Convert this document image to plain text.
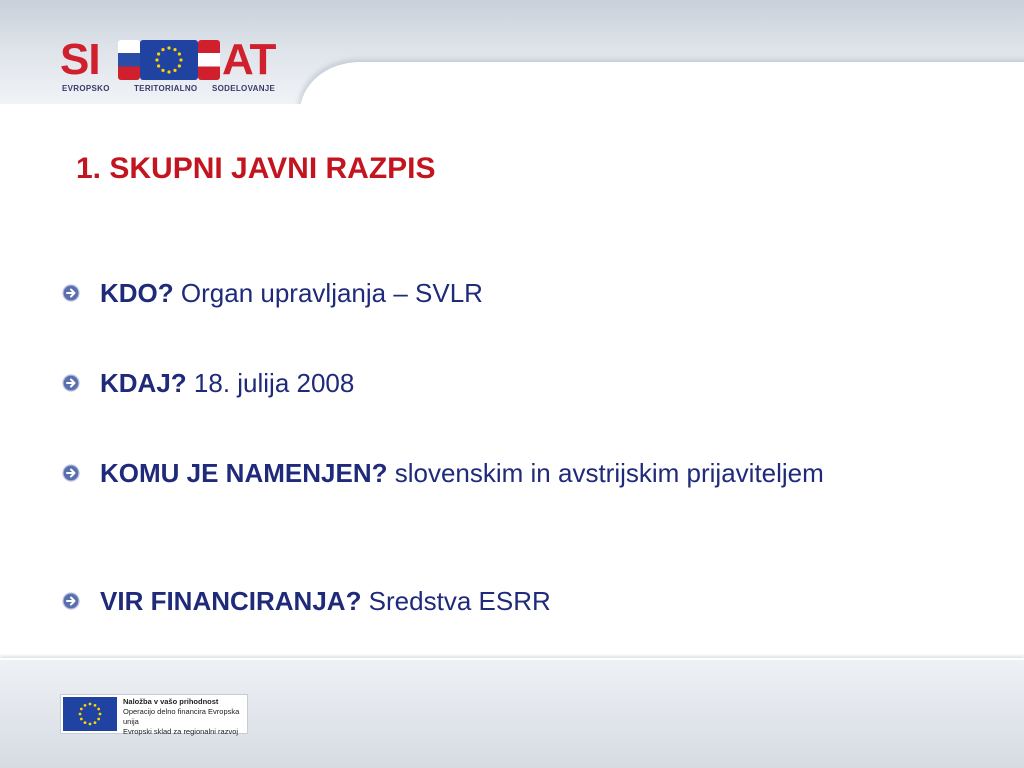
SI	AT
EVROPSKO	TERITORIALNO SODELOVANJE
1. SKUPNI JAVNI RAZPIS
KDO? Organ upravljanja – SVLR
KDAJ? 18. julija 2008
KOMU JE NAMENJEN? slovenskim in avstrijskim prijaviteljem
VIR FINANCIRANJA? Sredstva ESRR
Naložba v vašo prihodnost
Operacijo delno financira Evropska unija
Evropski sklad za regionalni razvoj
